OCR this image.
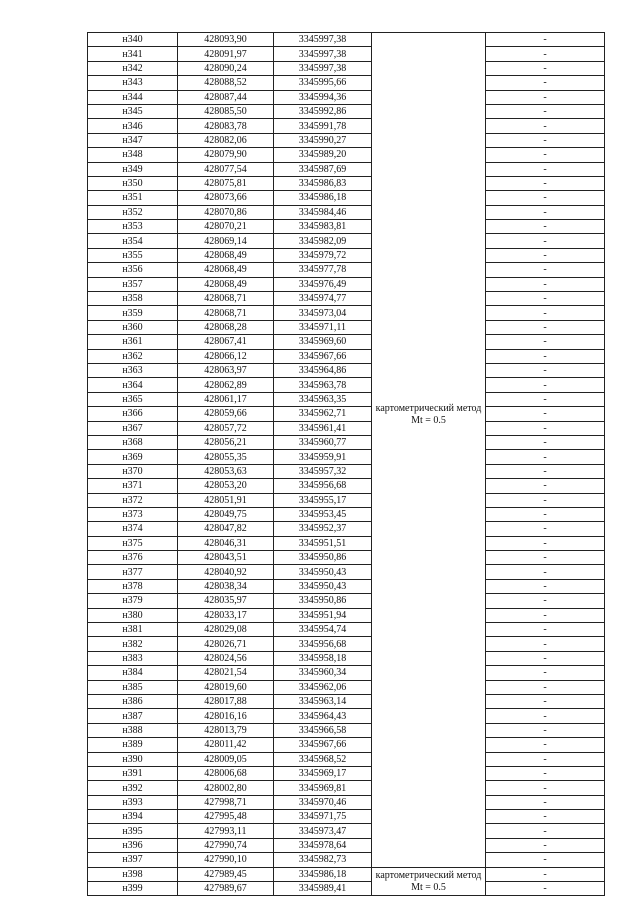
н340	428093,90	3345997,38	картометрический метод Mt = 0.5	-
н341	428091,97	3345997,38		-
н342	428090,24	3345997,38		-
н343	428088,52	3345995,66		-
н344	428087,44	3345994,36		-
н345	428085,50	3345992,86		-
н346	428083,78	3345991,78		-
н347	428082,06	3345990,27		-
н348	428079,90	3345989,20		-
н349	428077,54	3345987,69		-
н350	428075,81	3345986,83		-
н351	428073,66	3345986,18		-
н352	428070,86	3345984,46		-
н353	428070,21	3345983,81		-
н354	428069,14	3345982,09		-
н355	428068,49	3345979,72		-
н356	428068,49	3345977,78		-
н357	428068,49	3345976,49		-
н358	428068,71	3345974,77		-
н359	428068,71	3345973,04		-
н360	428068,28	3345971,11		-
н361	428067,41	3345969,60		-
н362	428066,12	3345967,66		-
н363	428063,97	3345964,86		-
н364	428062,89	3345963,78		-
н365	428061,17	3345963,35		-
н366	428059,66	3345962,71		-
н367	428057,72	3345961,41		-
н368	428056,21	3345960,77		-
н369	428055,35	3345959,91		-
н370	428053,63	3345957,32		-
н371	428053,20	3345956,68		-
н372	428051,91	3345955,17		-
н373	428049,75	3345953,45		-
н374	428047,82	3345952,37		-
н375	428046,31	3345951,51		-
н376	428043,51	3345950,86		-
н377	428040,92	3345950,43		-
н378	428038,34	3345950,43		-
н379	428035,97	3345950,86		-
н380	428033,17	3345951,94		-
н381	428029,08	3345954,74		-
н382	428026,71	3345956,68		-
н383	428024,56	3345958,18		-
н384	428021,54	3345960,34		-
н385	428019,60	3345962,06		-
н386	428017,88	3345963,14		-
н387	428016,16	3345964,43		-
н388	428013,79	3345966,58		-
н389	428011,42	3345967,66		-
н390	428009,05	3345968,52		-
н391	428006,68	3345969,17		-
н392	428002,80	3345969,81		-
н393	427998,71	3345970,46		-
н394	427995,48	3345971,75		-
н395	427993,11	3345973,47		-
н396	427990,74	3345978,64		-
н397	427990,10	3345982,73		-
н398	427989,45	3345986,18	картометрический метод Mt = 0.5	-
н399	427989,67	3345989,41		-
